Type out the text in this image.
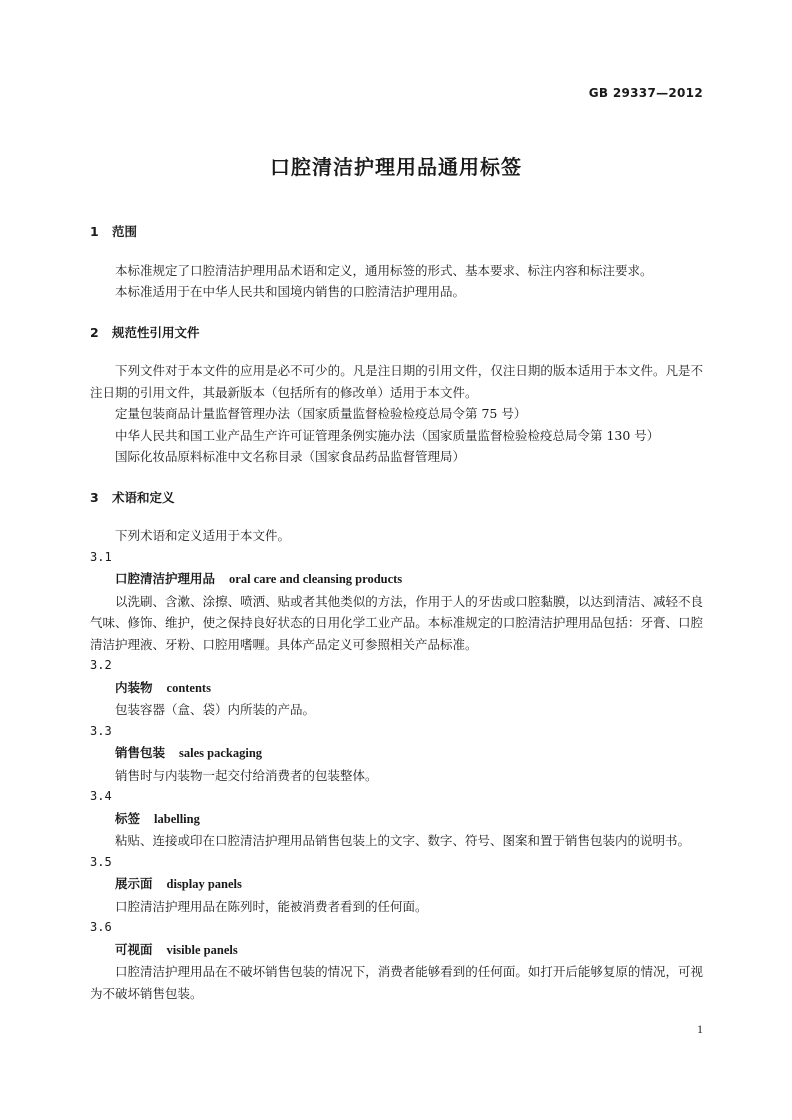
GB 29337—2012
口腔清洁护理用品通用标签

1 范围

本标准规定了口腔清洁护理用品术语和定义，通用标签的形式、基本要求、标注内容和标注要求。

本标准适用于在中华人民共和国境内销售的口腔清洁护理用品。

2 规范性引用文件

下列文件对于本文件的应用是必不可少的。凡是注日期的引用文件，仅注日期的版本适用于本文件。凡是不注日期的引用文件，其最新版本（包括所有的修改单）适用于本文件。

定量包装商品计量监督管理办法（国家质量监督检验检疫总局令第 75 号）

中华人民共和国工业产品生产许可证管理条例实施办法（国家质量监督检验检疫总局令第 130 号）

国际化妆品原料标准中文名称目录（国家食品药品监督管理局）

3 术语和定义

下列术语和定义适用于本文件。

3.1

口腔清洁护理用品 oral care and cleansing products

以洗刷、含漱、涂擦、喷洒、贴或者其他类似的方法，作用于人的牙齿或口腔黏膜，以达到清洁、减轻不良气味、修饰、维护，使之保持良好状态的日用化学工业产品。本标准规定的口腔清洁护理用品包括：牙膏、口腔清洁护理液、牙粉、口腔用嗜喱。具体产品定义可参照相关产品标准。

3.2

内装物 contents

包装容器（盒、袋）内所装的产品。

3.3

销售包装 sales packaging

销售时与内装物一起交付给消费者的包装整体。

3.4

标签 labelling

粘贴、连接或印在口腔清洁护理用品销售包装上的文字、数字、符号、图案和置于销售包装内的说明书。

3.5

展示面 display panels

口腔清洁护理用品在陈列时，能被消费者看到的任何面。

3.6

可视面 visible panels

口腔清洁护理用品在不破坏销售包装的情况下，消费者能够看到的任何面。如打开后能够复原的情况，可视为不破坏销售包装。

1
